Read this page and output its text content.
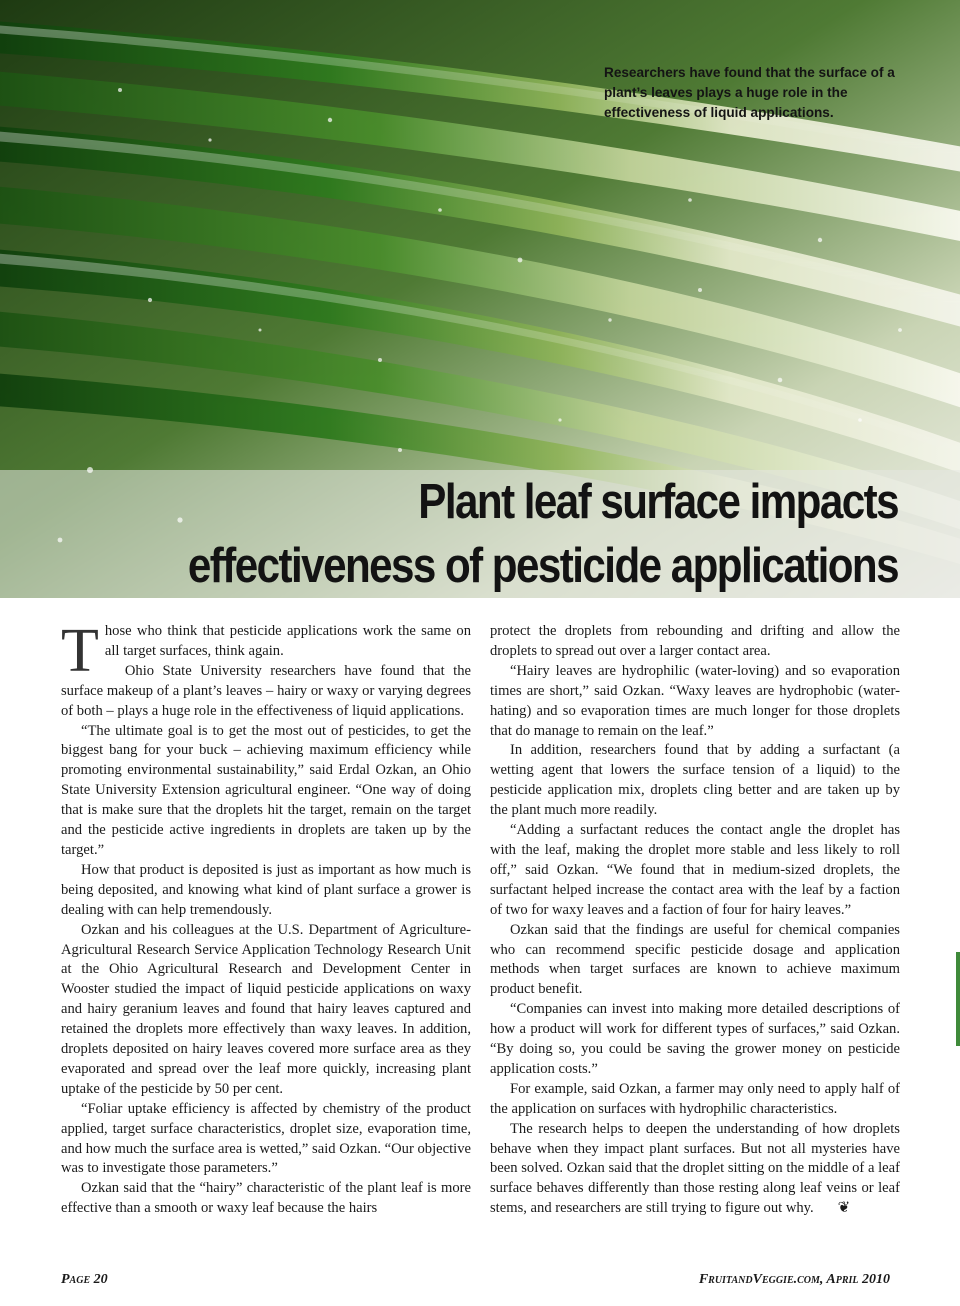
Researchers have found that the surface of a plant’s leaves plays a huge role in the effectiveness of liquid applications.

Plant leaf surface impacts
effectiveness of pesticide applications

Those who think that pesticide applications work the same on all target surfaces, think again.

Ohio State University researchers have found that the surface makeup of a plant’s leaves – hairy or waxy or varying degrees of both – plays a huge role in the effectiveness of liquid applications.

“The ultimate goal is to get the most out of pesticides, to get the biggest bang for your buck – achieving maximum efficiency while promoting environmental sustainability,” said Erdal Ozkan, an Ohio State University Extension agricultural engineer. “One way of doing that is make sure that the droplets hit the target, remain on the target and the pesticide active ingredients in droplets are taken up by the target.”

How that product is deposited is just as important as how much is being deposited, and knowing what kind of plant surface a grower is dealing with can help tremendously.

Ozkan and his colleagues at the U.S. Department of Agriculture-Agricultural Research Service Application Technology Research Unit at the Ohio Agricultural Research and Development Center in Wooster studied the impact of liquid pesticide applications on waxy and hairy geranium leaves and found that hairy leaves captured and retained the droplets more effectively than waxy leaves. In addition, droplets deposited on hairy leaves covered more surface area as they evaporated and spread over the leaf more quickly, increasing plant uptake of the pesticide by 50 per cent.

“Foliar uptake efficiency is affected by chemistry of the product applied, target surface characteristics, droplet size, evaporation time, and how much the surface area is wetted,” said Ozkan. “Our objective was to investigate those parameters.”

Ozkan said that the “hairy” characteristic of the plant leaf is more effective than a smooth or waxy leaf because the hairs

protect the droplets from rebounding and drifting and allow the droplets to spread out over a larger contact area.

“Hairy leaves are hydrophilic (water-loving) and so evaporation times are short,” said Ozkan. “Waxy leaves are hydrophobic (water-hating) and so evaporation times are much longer for those droplets that do manage to remain on the leaf.”

In addition, researchers found that by adding a surfactant (a wetting agent that lowers the surface tension of a liquid) to the pesticide application mix, droplets cling better and are taken up by the plant much more readily.

“Adding a surfactant reduces the contact angle the droplet has with the leaf, making the droplet more stable and less likely to roll off,” said Ozkan. “We found that in medium-sized droplets, the surfactant helped increase the contact area with the leaf by a faction of two for waxy leaves and a faction of four for hairy leaves.”

Ozkan said that the findings are useful for chemical companies who can recommend specific pesticide dosage and application methods when target surfaces are known to achieve maximum product benefit.

“Companies can invest into making more detailed descriptions of how a product will work for different types of surfaces,” said Ozkan. “By doing so, you could be saving the grower money on pesticide application costs.”

For example, said Ozkan, a farmer may only need to apply half of the application on surfaces with hydrophilic characteristics.

The research helps to deepen the understanding of how droplets behave when they impact plant surfaces. But not all mysteries have been solved. Ozkan said that the droplet sitting on the middle of a leaf surface behaves differently than those resting along leaf veins or leaf stems, and researchers are still trying to figure out why. ❦

Page 20	FruitandVeggie.com, April 2010
